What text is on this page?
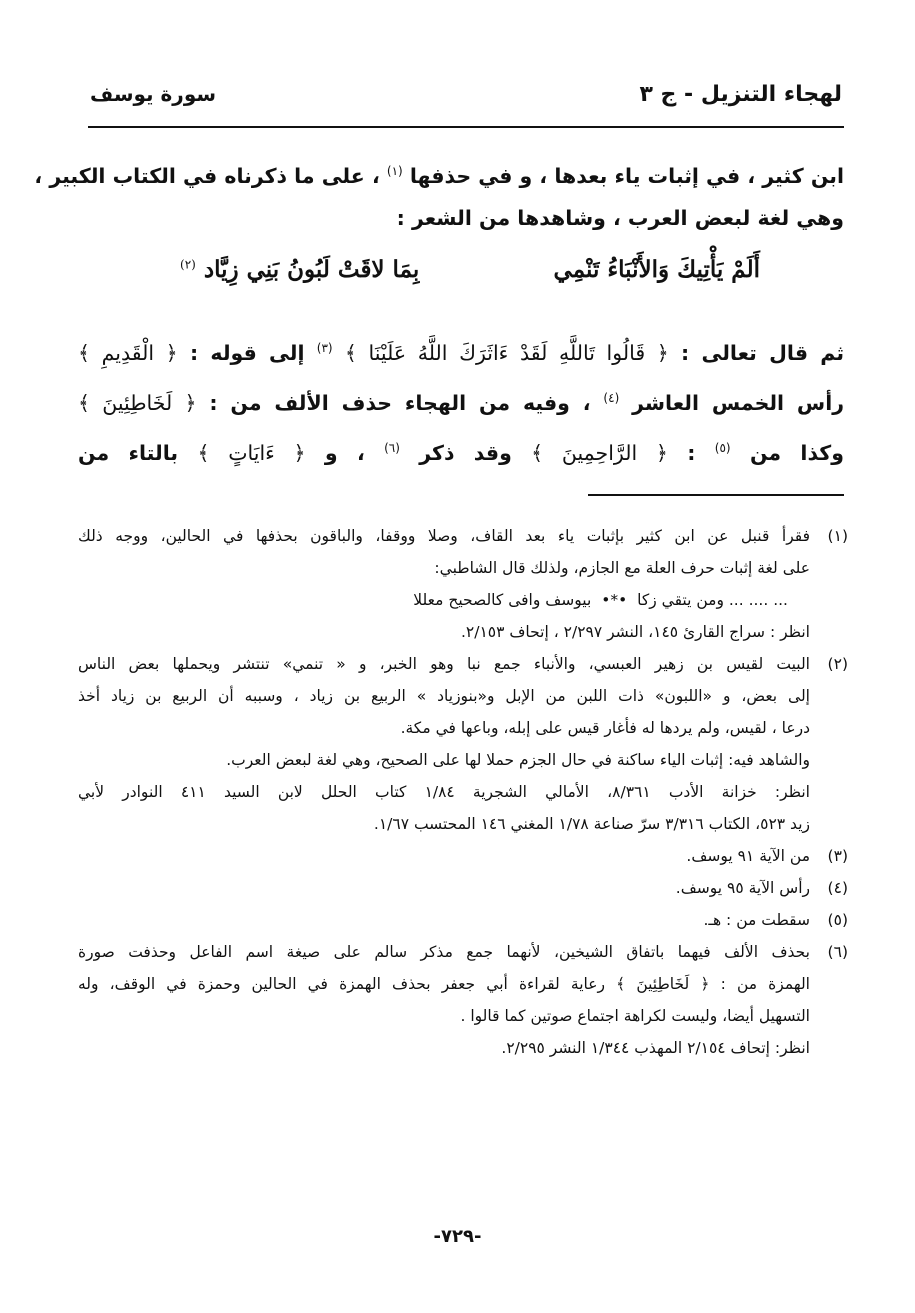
لهجاء التنزيل - ج ٣
سورة يوسف
ابن كثير ، في إثبات ياء بعدها ، و في حذفها $^{(١)}$ ، على ما ذكرناه في الكتاب الكبير ،
وهي لغة لبعض العرب ، وشاهدها من الشعر :
أَلَمْ يَأْتِيكَ وَالأَنْبَاءُ تَنْمِي
بِمَا لاقَتْ لَبُونُ بَنِي زِيَّاد $^{(٢)}$
ثم قال تعالى : ﴿ قَالُوا تَاللَّهِ لَقَدْ ءَاثَرَكَ اللَّهُ عَلَيْنَا ﴾ $^{(٣)}$ إلى قوله : ﴿ الْقَدِيمِ ﴾
رأس الخمس العاشر $^{(٤)}$ ، وفيه من الهجاء حذف الألف من : ﴿ لَخَاطِئِينَ ﴾
وكذا من $^{(٥)}$ : ﴿ الرَّاحِمِينَ ﴾ وقد ذكر $^{(٦)}$ ، و ﴿ ءَايَاتٍ ﴾ بالتاء من
(١)
فقرأ قنبل عن ابن كثير بإثبات ياء بعد القاف، وصلا ووقفا، والباقون بحذفها في الحالين، ووجه ذلك
على لغة إثبات حرف العلة مع الجازم، ولذلك قال الشاطبي:
... .... ... ومن يتقي زكا •*• بيوسف وافى كالصحيح معللا
انظر : سراج القارئ ١٤٥، النشر ٢/٢٩٧ ، إتحاف ٢/١٥٣.
(٢)
البيت لقيس بن زهير العبسي، والأنباء جمع نبا وهو الخبر، و « تنمي» تنتشر ويحملها بعض الناس
إلى بعض، و «اللبون» ذات اللبن من الإبل و«بنوزياد » الربيع بن زياد ، وسببه أن الربيع بن زياد أخذ
درعا ، لقيس، ولم يردها له فأغار قيس على إبله، وباعها في مكة.
والشاهد فيه: إثبات الياء ساكنة في حال الجزم حملا لها على الصحيح، وهي لغة لبعض العرب.
انظر: خزانة الأدب ٨/٣٦١، الأمالي الشجرية ١/٨٤ كتاب الحلل لابن السيد ٤١١ النوادر لأبي
زيد ٥٢٣، الكتاب ٣/٣١٦ سرّ صناعة ١/٧٨ المغني ١٤٦ المحتسب ١/٦٧.
(٣)
من الآية ٩١ يوسف.
(٤)
رأس الآية ٩٥ يوسف.
(٥)
سقطت من : هـ.
(٦)
بحذف الألف فيهما باتفاق الشيخين، لأنهما جمع مذكر سالم على صيغة اسم الفاعل وحذفت صورة
الهمزة من : ﴿ لَخَاطِئِينَ ﴾ رعاية لقراءة أبي جعفر بحذف الهمزة في الحالين وحمزة في الوقف، وله
التسهيل أيضا، وليست لكراهة اجتماع صوتين كما قالوا .
انظر: إتحاف ٢/١٥٤ المهذب ١/٣٤٤ النشر ٢/٢٩٥.
-٧٢٩-
